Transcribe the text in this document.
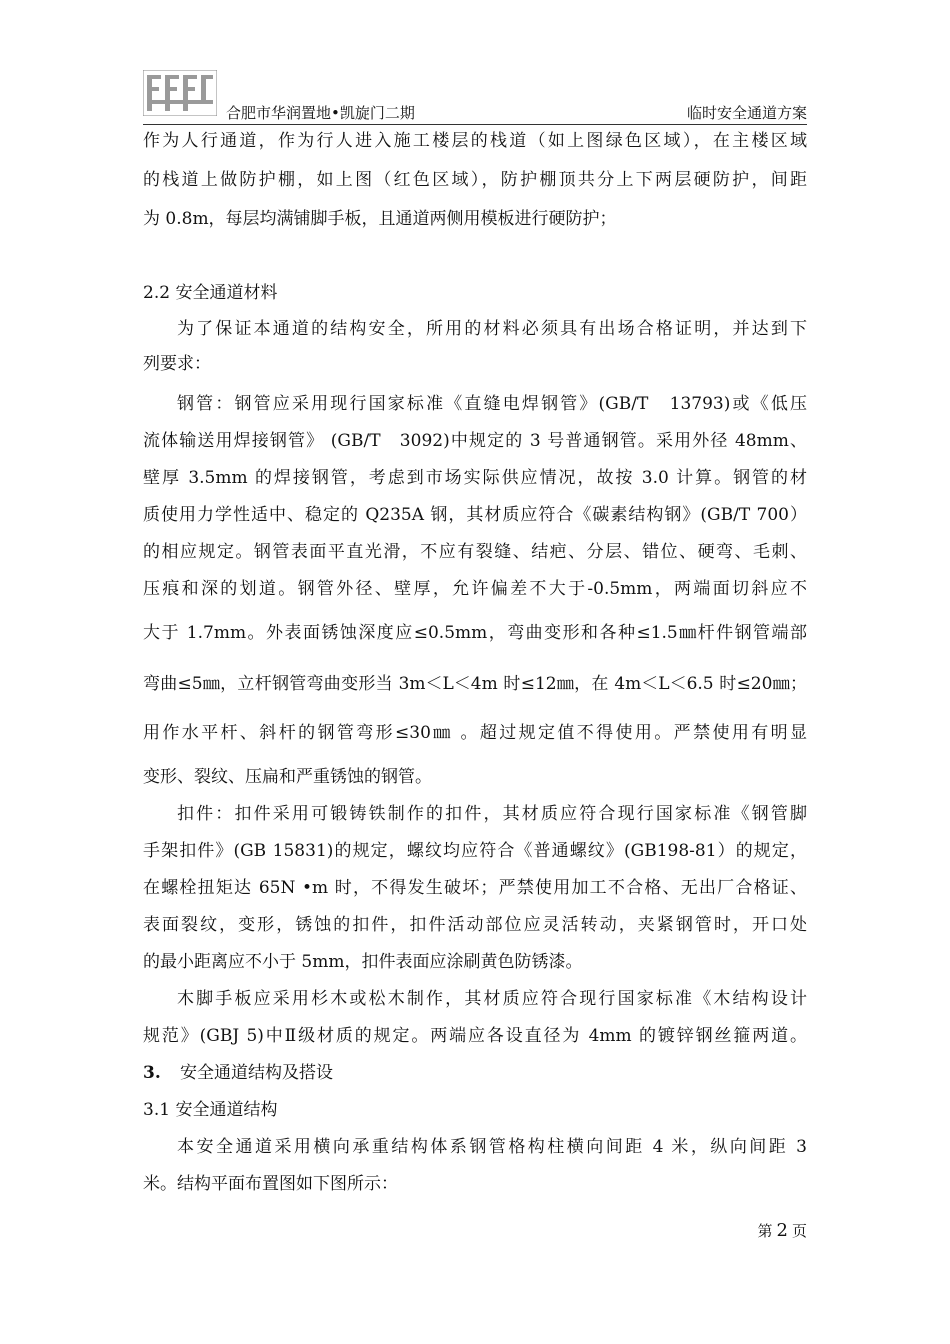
合肥市华润置地•凯旋门二期	临时安全通道方案
作为人行通道，作为行人进入施工楼层的栈道（如上图绿色区域），在主楼区域
的栈道上做防护棚，如上图（红色区域），防护棚顶共分上下两层硬防护，间距
为 0.8m，每层均满铺脚手板，且通道两侧用模板进行硬防护；
2.2 安全通道材料
为了保证本通道的结构安全，所用的材料必须具有出场合格证明，并达到下
列要求：
钢管：钢管应采用现行国家标准《直缝电焊钢管》(GB/T　13793)或《低压
流体输送用焊接钢管》 (GB/T　3092)中规定的 3 号普通钢管。采用外径 48mm、
壁厚 3.5mm 的焊接钢管，考虑到市场实际供应情况，故按 3.0 计算。钢管的材
质使用力学性适中、稳定的 Q235A 钢，其材质应符合《碳素结构钢》(GB/T 700）
的相应规定。钢管表面平直光滑，不应有裂缝、结疤、分层、错位、硬弯、毛刺、
压痕和深的划道。钢管外径、壁厚，允许偏差不大于-0.5mm，两端面切斜应不
大于 1.7mm。外表面锈蚀深度应≤0.5mm，弯曲变形和各种≤1.5㎜杆件钢管端部
弯曲≤5㎜，立杆钢管弯曲变形当 3m＜L＜4m 时≤12㎜，在 4m＜L＜6.5 时≤20㎜；
用作水平杆、斜杆的钢管弯形≤30㎜ 。超过规定值不得使用。严禁使用有明显
变形、裂纹、压扁和严重锈蚀的钢管。
扣件：扣件采用可锻铸铁制作的扣件，其材质应符合现行国家标准《钢管脚
手架扣件》(GB 15831)的规定，螺纹均应符合《普通螺纹》(GB198-81）的规定，
在螺栓扭矩达 65N •m 时，不得发生破坏；严禁使用加工不合格、无出厂合格证、
表面裂纹，变形，锈蚀的扣件，扣件活动部位应灵活转动，夹紧钢管时，开口处
的最小距离应不小于 5mm，扣件表面应涂刷黄色防锈漆。
木脚手板应采用杉木或松木制作，其材质应符合现行国家标准《木结构设计
规范》(GBJ 5)中Ⅱ级材质的规定。两端应各设直径为 4mm 的镀锌钢丝箍两道。
3.	安全通道结构及搭设
3.1 安全通道结构
本安全通道采用横向承重结构体系钢管格构柱横向间距 4 米，纵向间距 3
米。结构平面布置图如下图所示：
第 2 页
